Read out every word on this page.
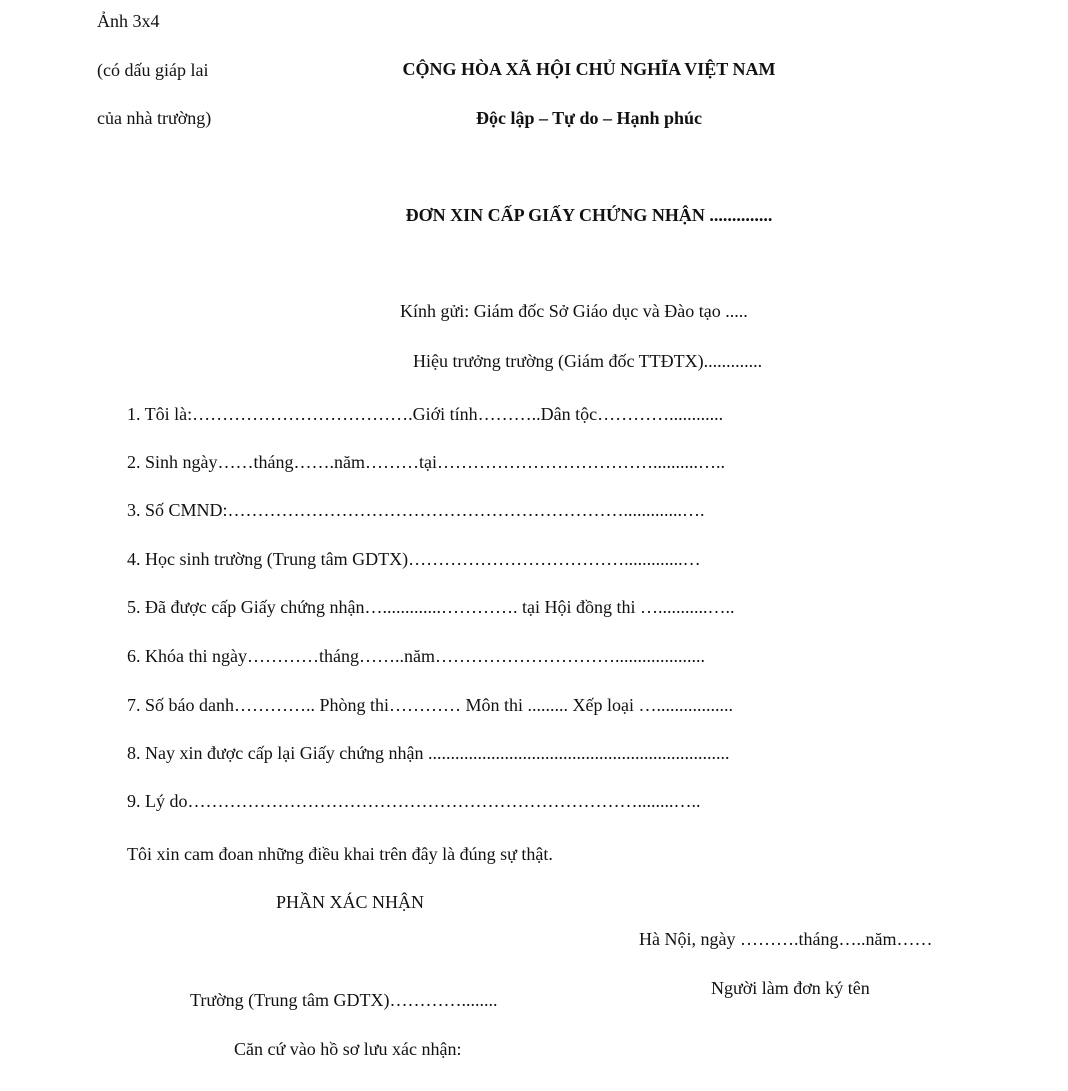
Ảnh 3x4
(có dấu giáp lai
của nhà trường)
CỘNG HÒA XÃ HỘI CHỦ NGHĨA VIỆT NAM
Độc lập – Tự do – Hạnh phúc
ĐƠN XIN CẤP GIẤY CHỨNG NHẬN ..............
Kính gửi: Giám đốc Sở Giáo dục và Đào tạo .....
Hiệu trưởng trường (Giám đốc TTĐTX).............
1. Tôi là:……………………………….Giới tính………..Dân tộc…………............
2. Sinh ngày……tháng…….năm………tại………………………………..........…..
3. Số CMND:………………………………………………………….............….
4. Học sinh trường (Trung tâm GDTX)……………………………….............…
5. Đã được cấp Giấy chứng nhận….............…………. tại Hội đồng thi …...........…..
6. Khóa thi ngày…………tháng……..năm…………………………....................
7. Số báo danh………….. Phòng thi………… Môn thi ......... Xếp loại ….................
8. Nay xin được cấp lại Giấy chứng nhận ...................................................................
9. Lý do…………………………………………………………………........…..
Tôi xin cam đoan những điều khai trên đây là đúng sự thật.
PHẦN XÁC NHẬN
Hà Nội, ngày ……….tháng…..năm……
Người làm đơn ký tên
Trường (Trung tâm GDTX)…………........
Căn cứ vào hồ sơ lưu xác nhận:
